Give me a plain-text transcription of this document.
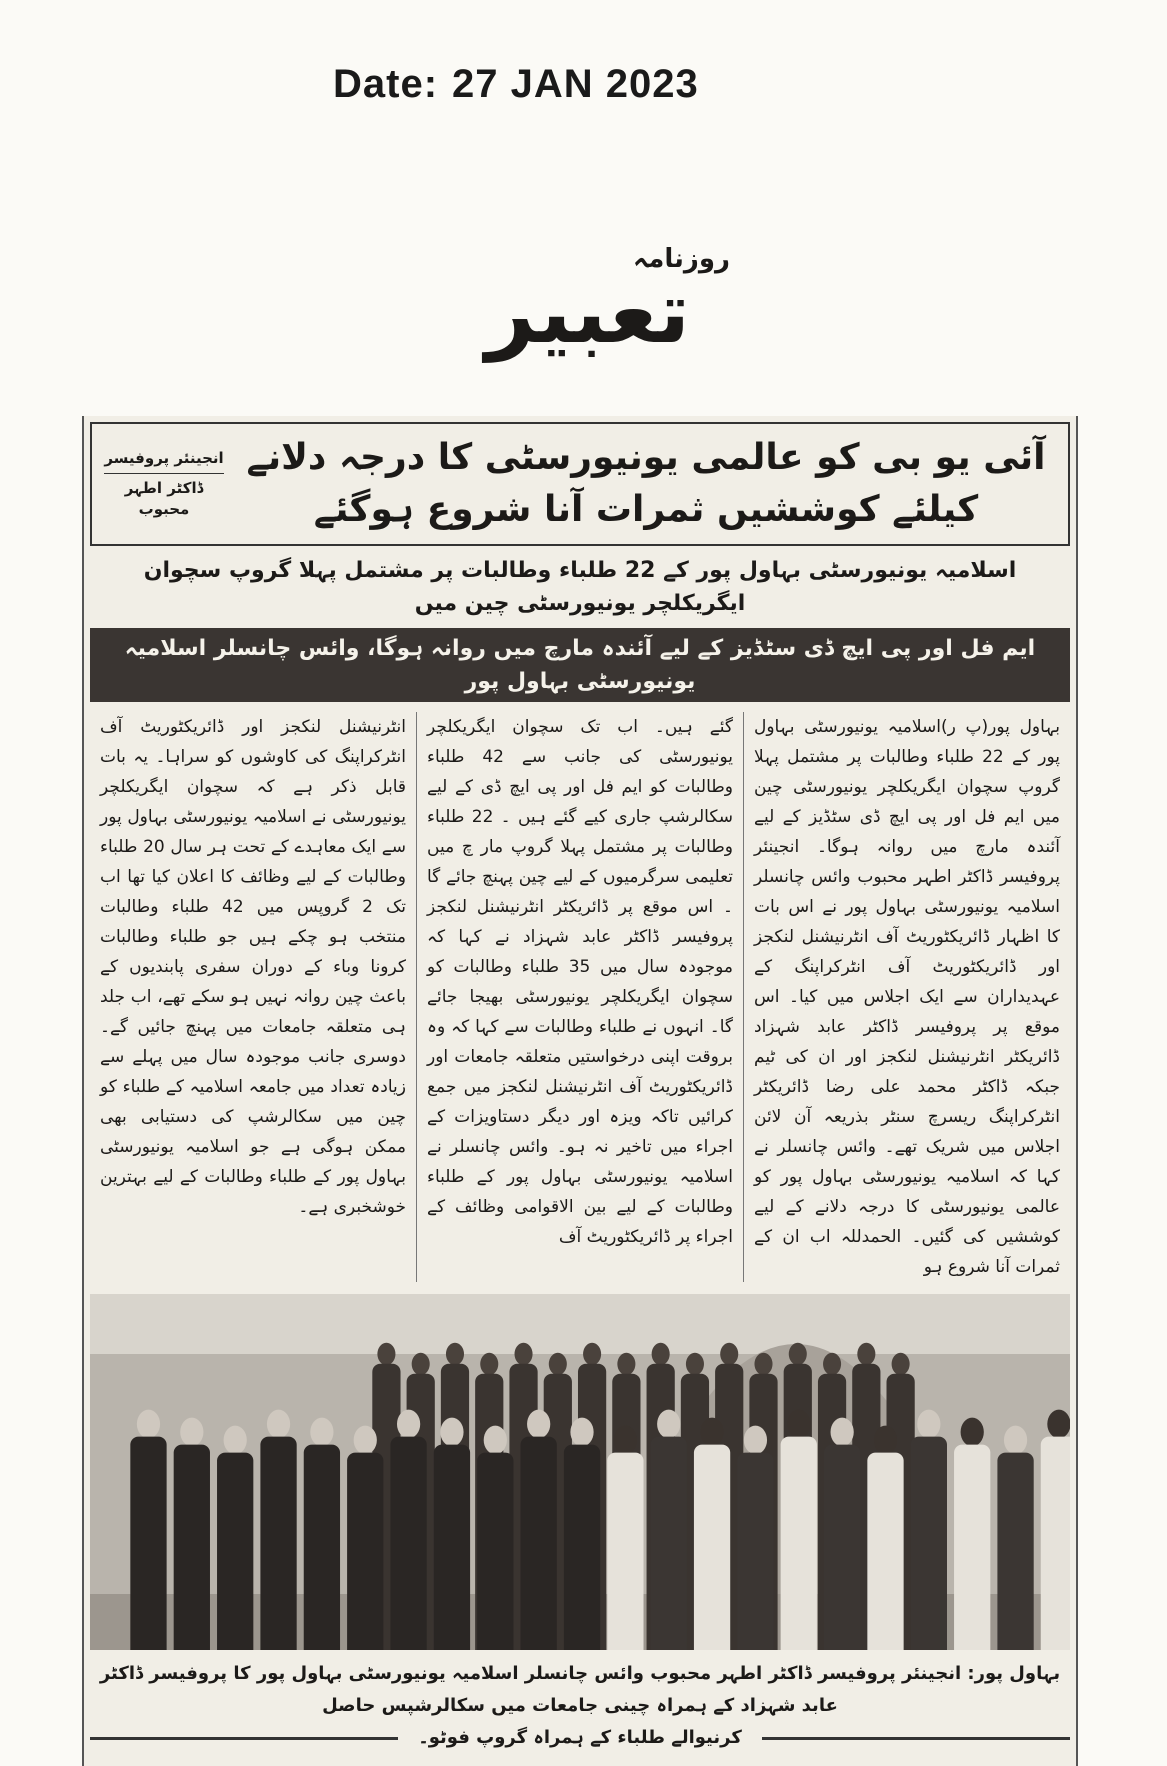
Date: 27 JAN 2023
روزنامہ
تعبیر
آئی یو بی کو عالمی یونیورسٹی کا درجہ دلانے کیلئے کوششیں ثمرات آنا شروع ہوگئے
انجینئر پروفیسر
ڈاکٹر اطہر محبوب
اسلامیہ یونیورسٹی بہاول پور کے 22 طلباء وطالبات پر مشتمل پہلا گروپ سچوان ایگریکلچر یونیورسٹی چین میں
ایم فل اور پی ایچ ڈی سٹڈیز کے لیے آئندہ مارچ میں روانہ ہوگا، وائس چانسلر اسلامیہ یونیورسٹی بہاول پور
بہاول پور(پ ر)اسلامیہ یونیورسٹی بہاول پور کے 22 طلباء وطالبات پر مشتمل پہلا گروپ سچوان ایگریکلچر یونیورسٹی چین میں ایم فل اور پی ایچ ڈی سٹڈیز کے لیے آئندہ مارچ میں روانہ ہوگا۔ انجینئر پروفیسر ڈاکٹر اطہر محبوب وائس چانسلر اسلامیہ یونیورسٹی بہاول پور نے اس بات کا اظہار ڈائریکٹوریٹ آف انٹرنیشنل لنکجز اور ڈائریکٹوریٹ آف انٹرکراپنگ کے عہدیداران سے ایک اجلاس میں کیا۔ اس موقع پر پروفیسر ڈاکٹر عابد شہزاد ڈائریکٹر انٹرنیشنل لنکجز اور ان کی ٹیم جبکہ ڈاکٹر محمد علی رضا ڈائریکٹر انٹرکراپنگ ریسرچ سنٹر بذریعہ آن لائن اجلاس میں شریک تھے۔ وائس چانسلر نے کہا کہ اسلامیہ یونیورسٹی بہاول پور کو عالمی یونیورسٹی کا درجہ دلانے کے لیے کوششیں کی گئیں۔ الحمدللہ اب ان کے ثمرات آنا شروع ہو
گئے ہیں۔ اب تک سچوان ایگریکلچر یونیورسٹی کی جانب سے 42 طلباء وطالبات کو ایم فل اور پی ایچ ڈی کے لیے سکالرشپ جاری کیے گئے ہیں ۔ 22 طلباء وطالبات پر مشتمل پہلا گروپ مار چ میں تعلیمی سرگرمیوں کے لیے چین پہنچ جائے گا ۔ اس موقع پر ڈائریکٹر انٹرنیشنل لنکجز پروفیسر ڈاکٹر عابد شہزاد نے کہا کہ موجودہ سال میں 35 طلباء وطالبات کو سچوان ایگریکلچر یونیورسٹی بھیجا جائے گا۔ انہوں نے طلباء وطالبات سے کہا کہ وہ بروقت اپنی درخواستیں متعلقہ جامعات اور ڈائریکٹوریٹ آف انٹرنیشنل لنکجز میں جمع کرائیں تاکہ ویزہ اور دیگر دستاویزات کے اجراء میں تاخیر نہ ہو۔ وائس چانسلر نے اسلامیہ یونیورسٹی بہاول پور کے طلباء وطالبات کے لیے بین الاقوامی وظائف کے اجراء پر ڈائریکٹوریٹ آف
انٹرنیشنل لنکجز اور ڈائریکٹوریٹ آف انٹرکراپنگ کی کاوشوں کو سراہا۔ یہ بات قابل ذکر ہے کہ سچوان ایگریکلچر یونیورسٹی نے اسلامیہ یونیورسٹی بہاول پور سے ایک معاہدے کے تحت ہر سال 20 طلباء وطالبات کے لیے وظائف کا اعلان کیا تھا اب تک 2 گروپس میں 42 طلباء وطالبات منتخب ہو چکے ہیں جو طلباء وطالبات کرونا وباء کے دوران سفری پابندیوں کے باعث چین روانہ نہیں ہو سکے تھے، اب جلد ہی متعلقہ جامعات میں پہنچ جائیں گے۔ دوسری جانب موجودہ سال میں پہلے سے زیادہ تعداد میں جامعہ اسلامیہ کے طلباء کو چین میں سکالرشپ کی دستیابی بھی ممکن ہوگی ہے جو اسلامیہ یونیورسٹی بہاول پور کے طلباء وطالبات کے لیے بہترین خوشخبری ہے۔
بہاول پور: انجینئر پروفیسر ڈاکٹر اطہر محبوب وائس چانسلر اسلامیہ یونیورسٹی بہاول پور کا پروفیسر ڈاکٹر عابد شہزاد کے ہمراہ چینی جامعات میں سکالرشپس حاصل
کرنیوالے طلباء کے ہمراہ گروپ فوٹو۔
